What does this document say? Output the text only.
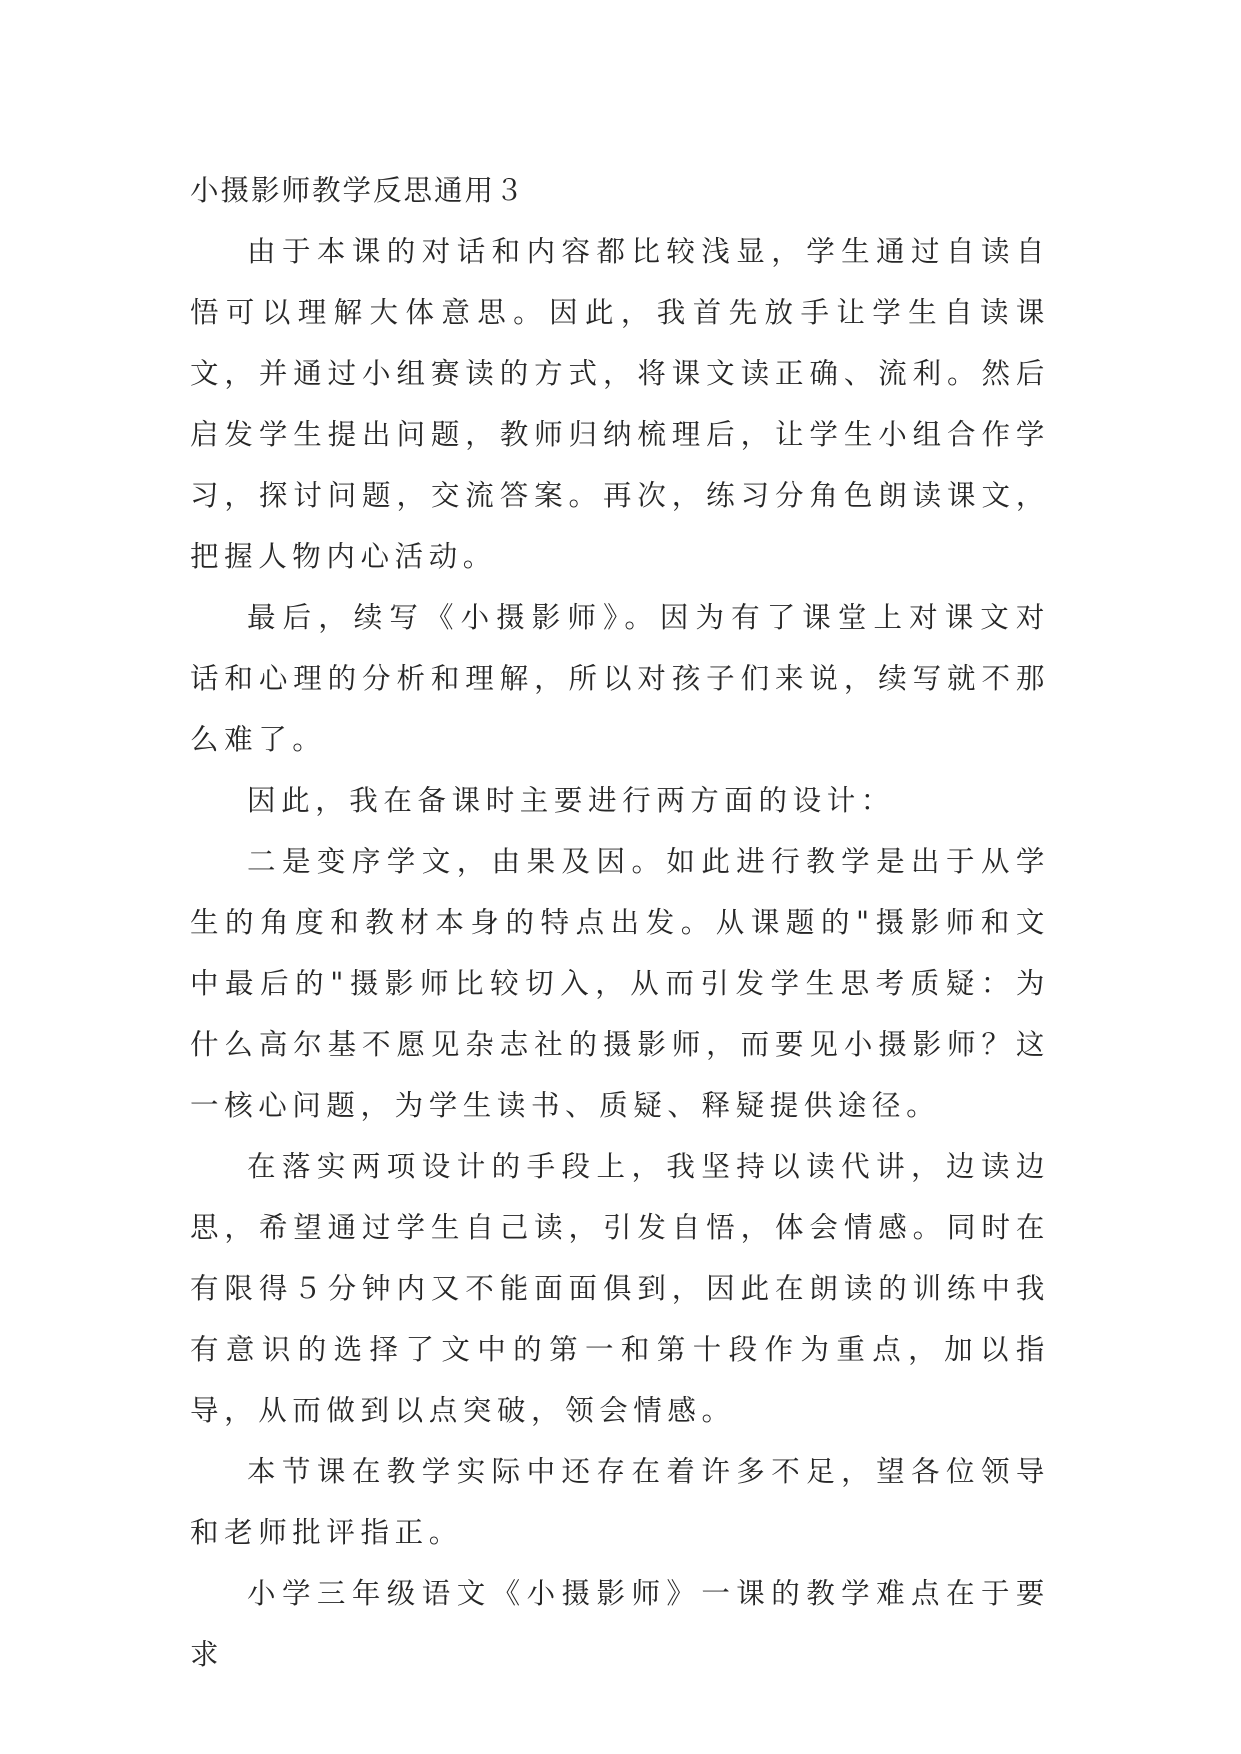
小摄影师教学反思通用３

由于本课的对话和内容都比较浅显，学生通过自读自悟可以理解大体意思。因此，我首先放手让学生自读课文，并通过小组赛读的方式，将课文读正确、流利。然后启发学生提出问题，教师归纳梳理后，让学生小组合作学习，探讨问题，交流答案。再次，练习分角色朗读课文，把握人物内心活动。

最后，续写《小摄影师》。因为有了课堂上对课文对话和心理的分析和理解，所以对孩子们来说，续写就不那么难了。

因此，我在备课时主要进行两方面的设计：

二是变序学文，由果及因。如此进行教学是出于从学生的角度和教材本身的特点出发。从课题的"摄影师和文中最后的"摄影师比较切入，从而引发学生思考质疑：为什么高尔基不愿见杂志社的摄影师，而要见小摄影师？这一核心问题，为学生读书、质疑、释疑提供途径。

在落实两项设计的手段上，我坚持以读代讲，边读边思，希望通过学生自己读，引发自悟，体会情感。同时在有限得５分钟内又不能面面俱到，因此在朗读的训练中我有意识的选择了文中的第一和第十段作为重点，加以指导，从而做到以点突破，领会情感。

本节课在教学实际中还存在着许多不足，望各位领导和老师批评指正。

小学三年级语文《小摄影师》一课的教学难点在于要求
